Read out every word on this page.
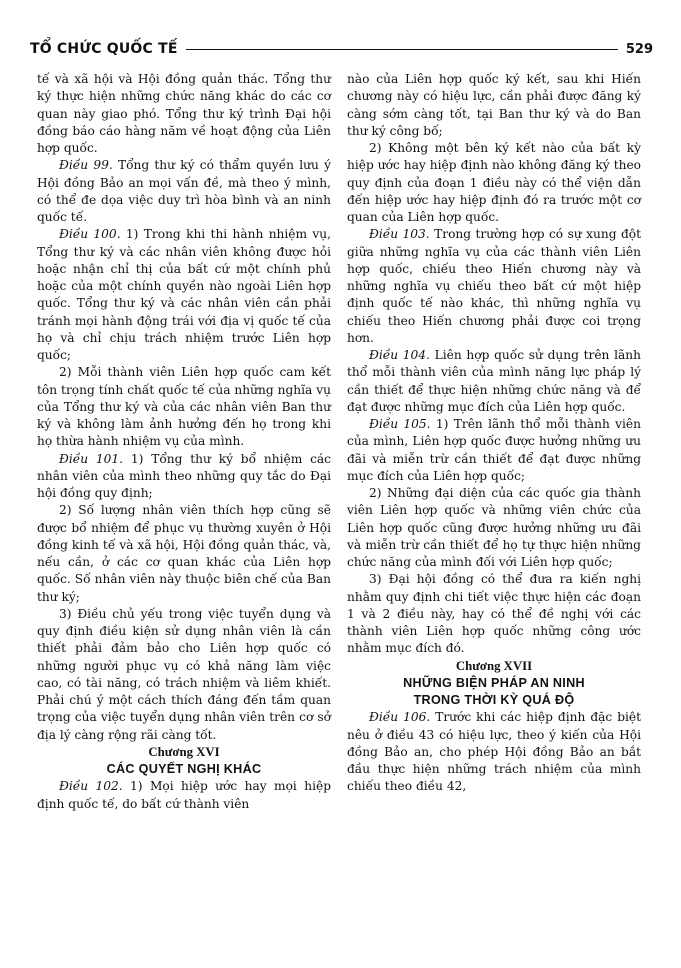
TỔ CHỨC QUỐC TẾ	529

tế và xã hội và Hội đồng quản thác. Tổng thư ký thực hiện những chức năng khác do các cơ quan này giao phó. Tổng thư ký trình Đại hội đồng báo cáo hàng năm về hoạt động của Liên hợp quốc.

Điều 99. Tổng thư ký có thẩm quyền lưu ý Hội đồng Bảo an mọi vấn đề, mà theo ý mình, có thể đe dọa việc duy trì hòa bình và an ninh quốc tế.

Điều 100. 1) Trong khi thi hành nhiệm vụ, Tổng thư ký và các nhân viên không được hỏi hoặc nhận chỉ thị của bất cứ một chính phủ hoặc của một chính quyền nào ngoài Liên hợp quốc. Tổng thư ký và các nhân viên cần phải tránh mọi hành động trái với địa vị quốc tế của họ và chỉ chịu trách nhiệm trước Liên hợp quốc;

2) Mỗi thành viên Liên hợp quốc cam kết tôn trọng tính chất quốc tế của những nghĩa vụ của Tổng thư ký và của các nhân viên Ban thư ký và không làm ảnh hưởng đến họ trong khi họ thừa hành nhiệm vụ của mình.

Điều 101. 1) Tổng thư ký bổ nhiệm các nhân viên của mình theo những quy tắc do Đại hội đồng quy định;

2) Số lượng nhân viên thích hợp cũng sẽ được bổ nhiệm để phục vụ thường xuyên ở Hội đồng kinh tế và xã hội, Hội đồng quản thác, và, nếu cần, ở các cơ quan khác của Liên hợp quốc. Số nhân viên này thuộc biên chế của Ban thư ký;

3) Điều chủ yếu trong việc tuyển dụng và quy định điều kiện sử dụng nhân viên là cần thiết phải đảm bảo cho Liên hợp quốc có những người phục vụ có khả năng làm việc cao, có tài năng, có trách nhiệm và liêm khiết. Phải chú ý một cách thích đáng đến tầm quan trọng của việc tuyển dụng nhân viên trên cơ sở địa lý càng rộng rãi càng tốt.

Chương XVI

CÁC QUYẾT NGHỊ KHÁC

Điều 102. 1) Mọi hiệp ước hay mọi hiệp định quốc tế, do bất cứ thành viên

nào của Liên hợp quốc ký kết, sau khi Hiến chương này có hiệu lực, cần phải được đăng ký càng sớm càng tốt, tại Ban thư ký và do Ban thư ký công bố;

2) Không một bên ký kết nào của bất kỳ hiệp ước hay hiệp định nào không đăng ký theo quy định của đoạn 1 điều này có thể viện dẫn đến hiệp ước hay hiệp định đó ra trước một cơ quan của Liên hợp quốc.

Điều 103. Trong trường hợp có sự xung đột giữa những nghĩa vụ của các thành viên Liên hợp quốc, chiếu theo Hiến chương này và những nghĩa vụ chiếu theo bất cứ một hiệp định quốc tế nào khác, thì những nghĩa vụ chiếu theo Hiến chương phải được coi trọng hơn.

Điều 104. Liên hợp quốc sử dụng trên lãnh thổ mỗi thành viên của mình năng lực pháp lý cần thiết để thực hiện những chức năng và để đạt được những mục đích của Liên hợp quốc.

Điều 105. 1) Trên lãnh thổ mỗi thành viên của mình, Liên hợp quốc được hưởng những ưu đãi và miễn trừ cần thiết để đạt được những mục đích của Liên hợp quốc;

2) Những đại diện của các quốc gia thành viên Liên hợp quốc và những viên chức của Liên hợp quốc cũng được hưởng những ưu đãi và miễn trừ cần thiết để họ tự thực hiện những chức năng của mình đối với Liên hợp quốc;

3) Đại hội đồng có thể đưa ra kiến nghị nhằm quy định chi tiết việc thực hiện các đoạn 1 và 2 điều này, hay có thể đề nghị với các thành viên Liên hợp quốc những công ước nhằm mục đích đó.

Chương XVII

NHỮNG BIỆN PHÁP AN NINH

TRONG THỜI KỲ QUÁ ĐỘ

Điều 106. Trước khi các hiệp định đặc biệt nêu ở điều 43 có hiệu lực, theo ý kiến của Hội đồng Bảo an, cho phép Hội đồng Bảo an bắt đầu thực hiện những trách nhiệm của mình chiếu theo điều 42,
